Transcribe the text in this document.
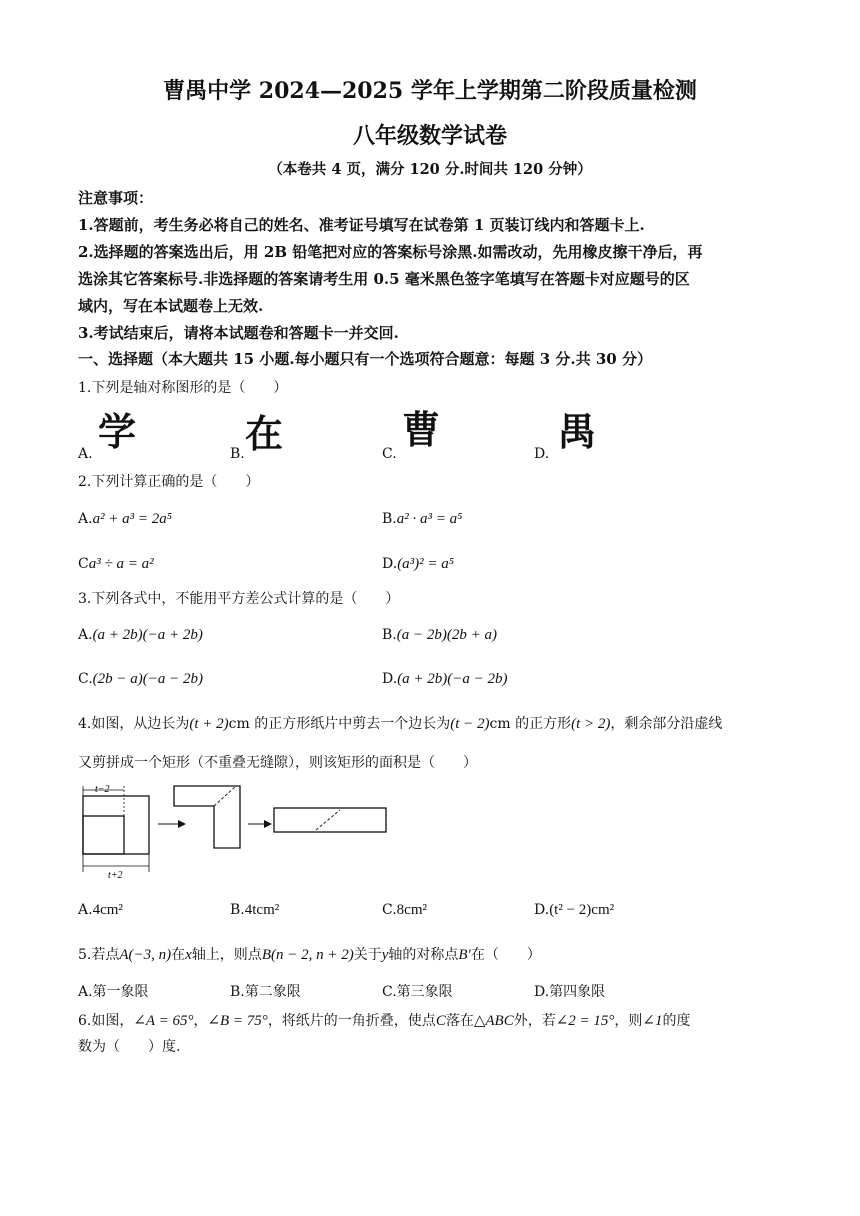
曹禺中学 2024—2025 学年上学期第二阶段质量检测
八年级数学试卷
（本卷共 4 页，满分 120 分.时间共 120 分钟）
注意事项：
1.答题前，考生务必将自己的姓名、准考证号填写在试卷第 1 页装订线内和答题卡上.
2.选择题的答案选出后，用 2B 铅笔把对应的答案标号涂黑.如需改动，先用橡皮擦干净后，再
选涂其它答案标号.非选择题的答案请考生用 0.5 毫米黑色签字笔填写在答题卡对应题号的区
域内，写在本试题卷上无效.
3.考试结束后，请将本试题卷和答题卡一并交回.
一、选择题（本大题共 15 小题.每小题只有一个选项符合题意：每题 3 分.共 30 分）
1.下列是轴对称图形的是（　　）
A. 学	B. 在	C.
曹
D. 禺
2.下列计算正确的是（　　）
A.a² + a³ = 2a⁵	B.a² · a³ = a⁵
Ca³ ÷ a = a²	D.(a³)² = a⁵
3.下列各式中，不能用平方差公式计算的是（　　）
A.(a + 2b)(−a + 2b)	B.(a − 2b)(2b + a)
C.(2b − a)(−a − 2b)	D.(a + 2b)(−a − 2b)
4.如图，从边长为(t + 2)cm 的正方形纸片中剪去一个边长为(t − 2)cm 的正方形(t > 2)，剩余部分沿虚线
又剪拼成一个矩形（不重叠无缝隙），则该矩形的面积是（　　）
t−2
t+2
A.4cm²	B.4tcm²	C.8cm²	D.(t² − 2)cm²
5.若点A(−3, n)在x轴上，则点B(n − 2, n + 2)关于y轴的对称点B′在（　　）
A.第一象限	B.第二象限	C.第三象限	D.第四象限
6.如图，∠A = 65°，∠B = 75°，将纸片的一角折叠，使点C落在△ABC外，若∠2 = 15°，则∠1的度
数为（　　）度.
